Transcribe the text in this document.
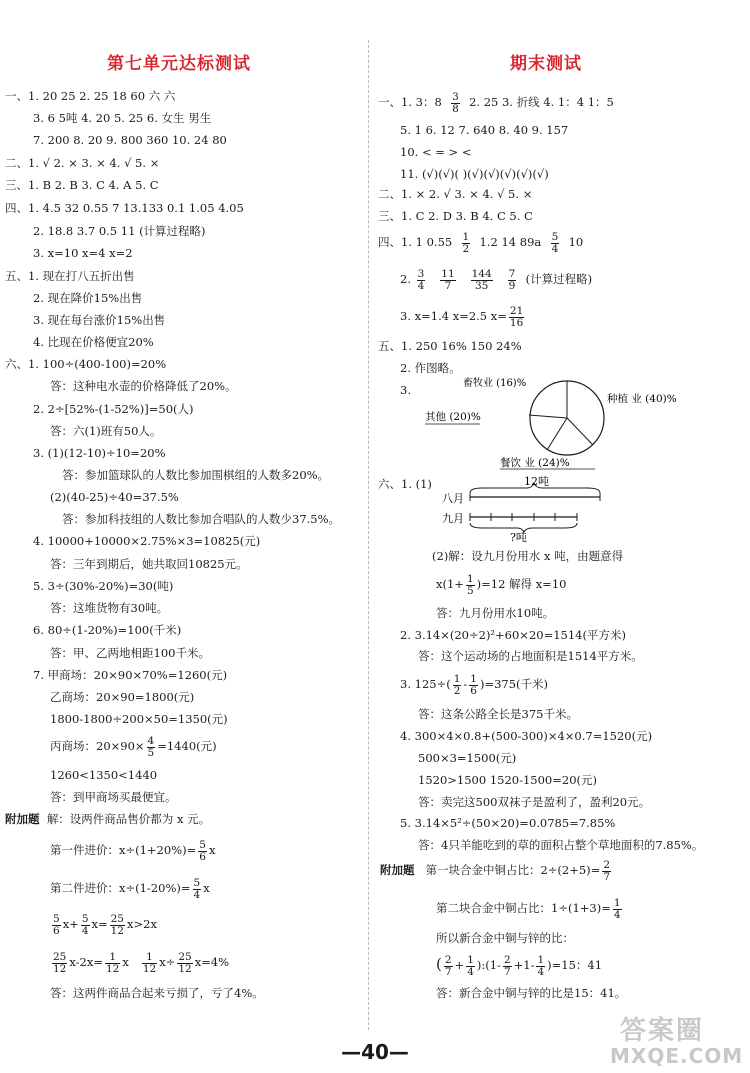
第七单元达标测试
一、1. 20 25 2. 25 18 60 六 六
3. 6 5吨 4. 20 5. 25 6. 女生 男生
7. 200 8. 20 9. 800 360 10. 24 80
二、1. √ 2. × 3. × 4. √ 5. ×
三、1. B 2. B 3. C 4. A 5. C
四、1. 4.5 32 0.55 7 13.133 0.1 1.05 4.05
2. 18.8 3.7 0.5 11 (计算过程略)
3. x=10 x=4 x=2
五、1. 现在打八五折出售
2. 现在降价15%出售
3. 现在每台涨价15%出售
4. 比现在价格便宜20%
六、1. 100÷(400-100)=20%
答：这种电水壶的价格降低了20%。
2. 2÷[52%-(1-52%)]=50(人)
答：六(1)班有50人。
3. (1)(12-10)÷10=20%
答：参加篮球队的人数比参加围棋组的人数多20%。
(2)(40-25)÷40=37.5%
答：参加科技组的人数比参加合唱队的人数少37.5%。
4. 10000+10000×2.75%×3=10825(元)
答：三年到期后，她共取回10825元。
5. 3÷(30%-20%)=30(吨)
答：这堆货物有30吨。
6. 80÷(1-20%)=100(千米)
答：甲、乙两地相距100千米。
7. 甲商场：20×90×70%=1260(元)
乙商场：20×90=1800(元)
1800-1800÷200×50=1350(元)
丙商场：$20\times 90\times \frac{4}{5} =1440$(元)
1260<1350<1440
答：到甲商场买最便宜。
附加题 解：设两件商品售价都为 x 元。
第一件进价：$x\div(1+20\%)= \frac{5}{6}$ x
第二件进价：$x\div(1-20\%)= \frac{5}{4}$ x
$\frac{5}{6} x+ \frac{5}{4} x= \frac{25}{12} x>2x$
$\frac{25}{12} x-2x= \frac{1}{12}$ x $\frac{1}{12} x\div \frac{25}{12} x=4\%$
答：这两件商品合起来亏损了，亏了4%。
期末测试
一、1. 3：$8 \frac{3}{8} 2$. 25 3. 折线 4. 1：4 1：5
5. 1 6. 12 7. 640 8. 40 9. 157
10. < = > <
11. (√)(√)( )(√)(√)(√)(√)(√)
二、1. × 2. √ 3. × 4. √ 5. ×
三、1. C 2. D 3. B 4. C 5. C
四、1. 1 $0.55 \frac{1}{2} 1.2$ 14 $89a \frac{5}{4} 10$
2. $\frac{3}{4}$
$\frac{11}{7}$
$\frac{144}{35}$
$\frac{7}{9}$ (计算过程略)
3. x=1.4 x=2.5 $x= \frac{21}{16}$
五、1. 250 16% 150 24%
2. 作图略。
3.	畜牧业 (16)%
种植 业 (40)%
其他 (20)%
餐饮 业 (24)%
六、1. (1)	12吨
八月
九月
?吨
(2)解：设九月份用水 x 吨，由题意得
$x(1+ \frac{1}{5} )=12$ 解得 x=10
答：九月份用水10吨。
2. 3.14×(20÷2)²+60×20=1514(平方米)
答：这个运动场的占地面积是1514平方米。
3. $125\div( \frac{1}{2} - \frac{1}{6} )=375$(千米)
答：这条公路全长是375千米。
4. 300×4×0.8+(500-300)×4×0.7=1520(元)
500×3=1500(元)
1520>1500 1520-1500=20(元)
答：卖完这500双袜子是盈利了，盈利20元。
5. 3.14×5²÷(50×20)=0.0785=7.85%
答：4只羊能吃到的草的面积占整个草地面积的7.85%。
附加题 第一块合金中铜占比：$2\div(2+5)= \frac{2}{7}$
第二块合金中铜占比：$1\div(1+3)= \frac{1}{4}$
所以新合金中铜与锌的比：
( $\frac{2}{7} + \frac{1}{4}$ ):(1- $\frac{2}{7} +1- \frac{1}{4} )=15$：41
答：新合金中铜与锌的比是15：41。
—40—
答案圈
MXQE.COM
